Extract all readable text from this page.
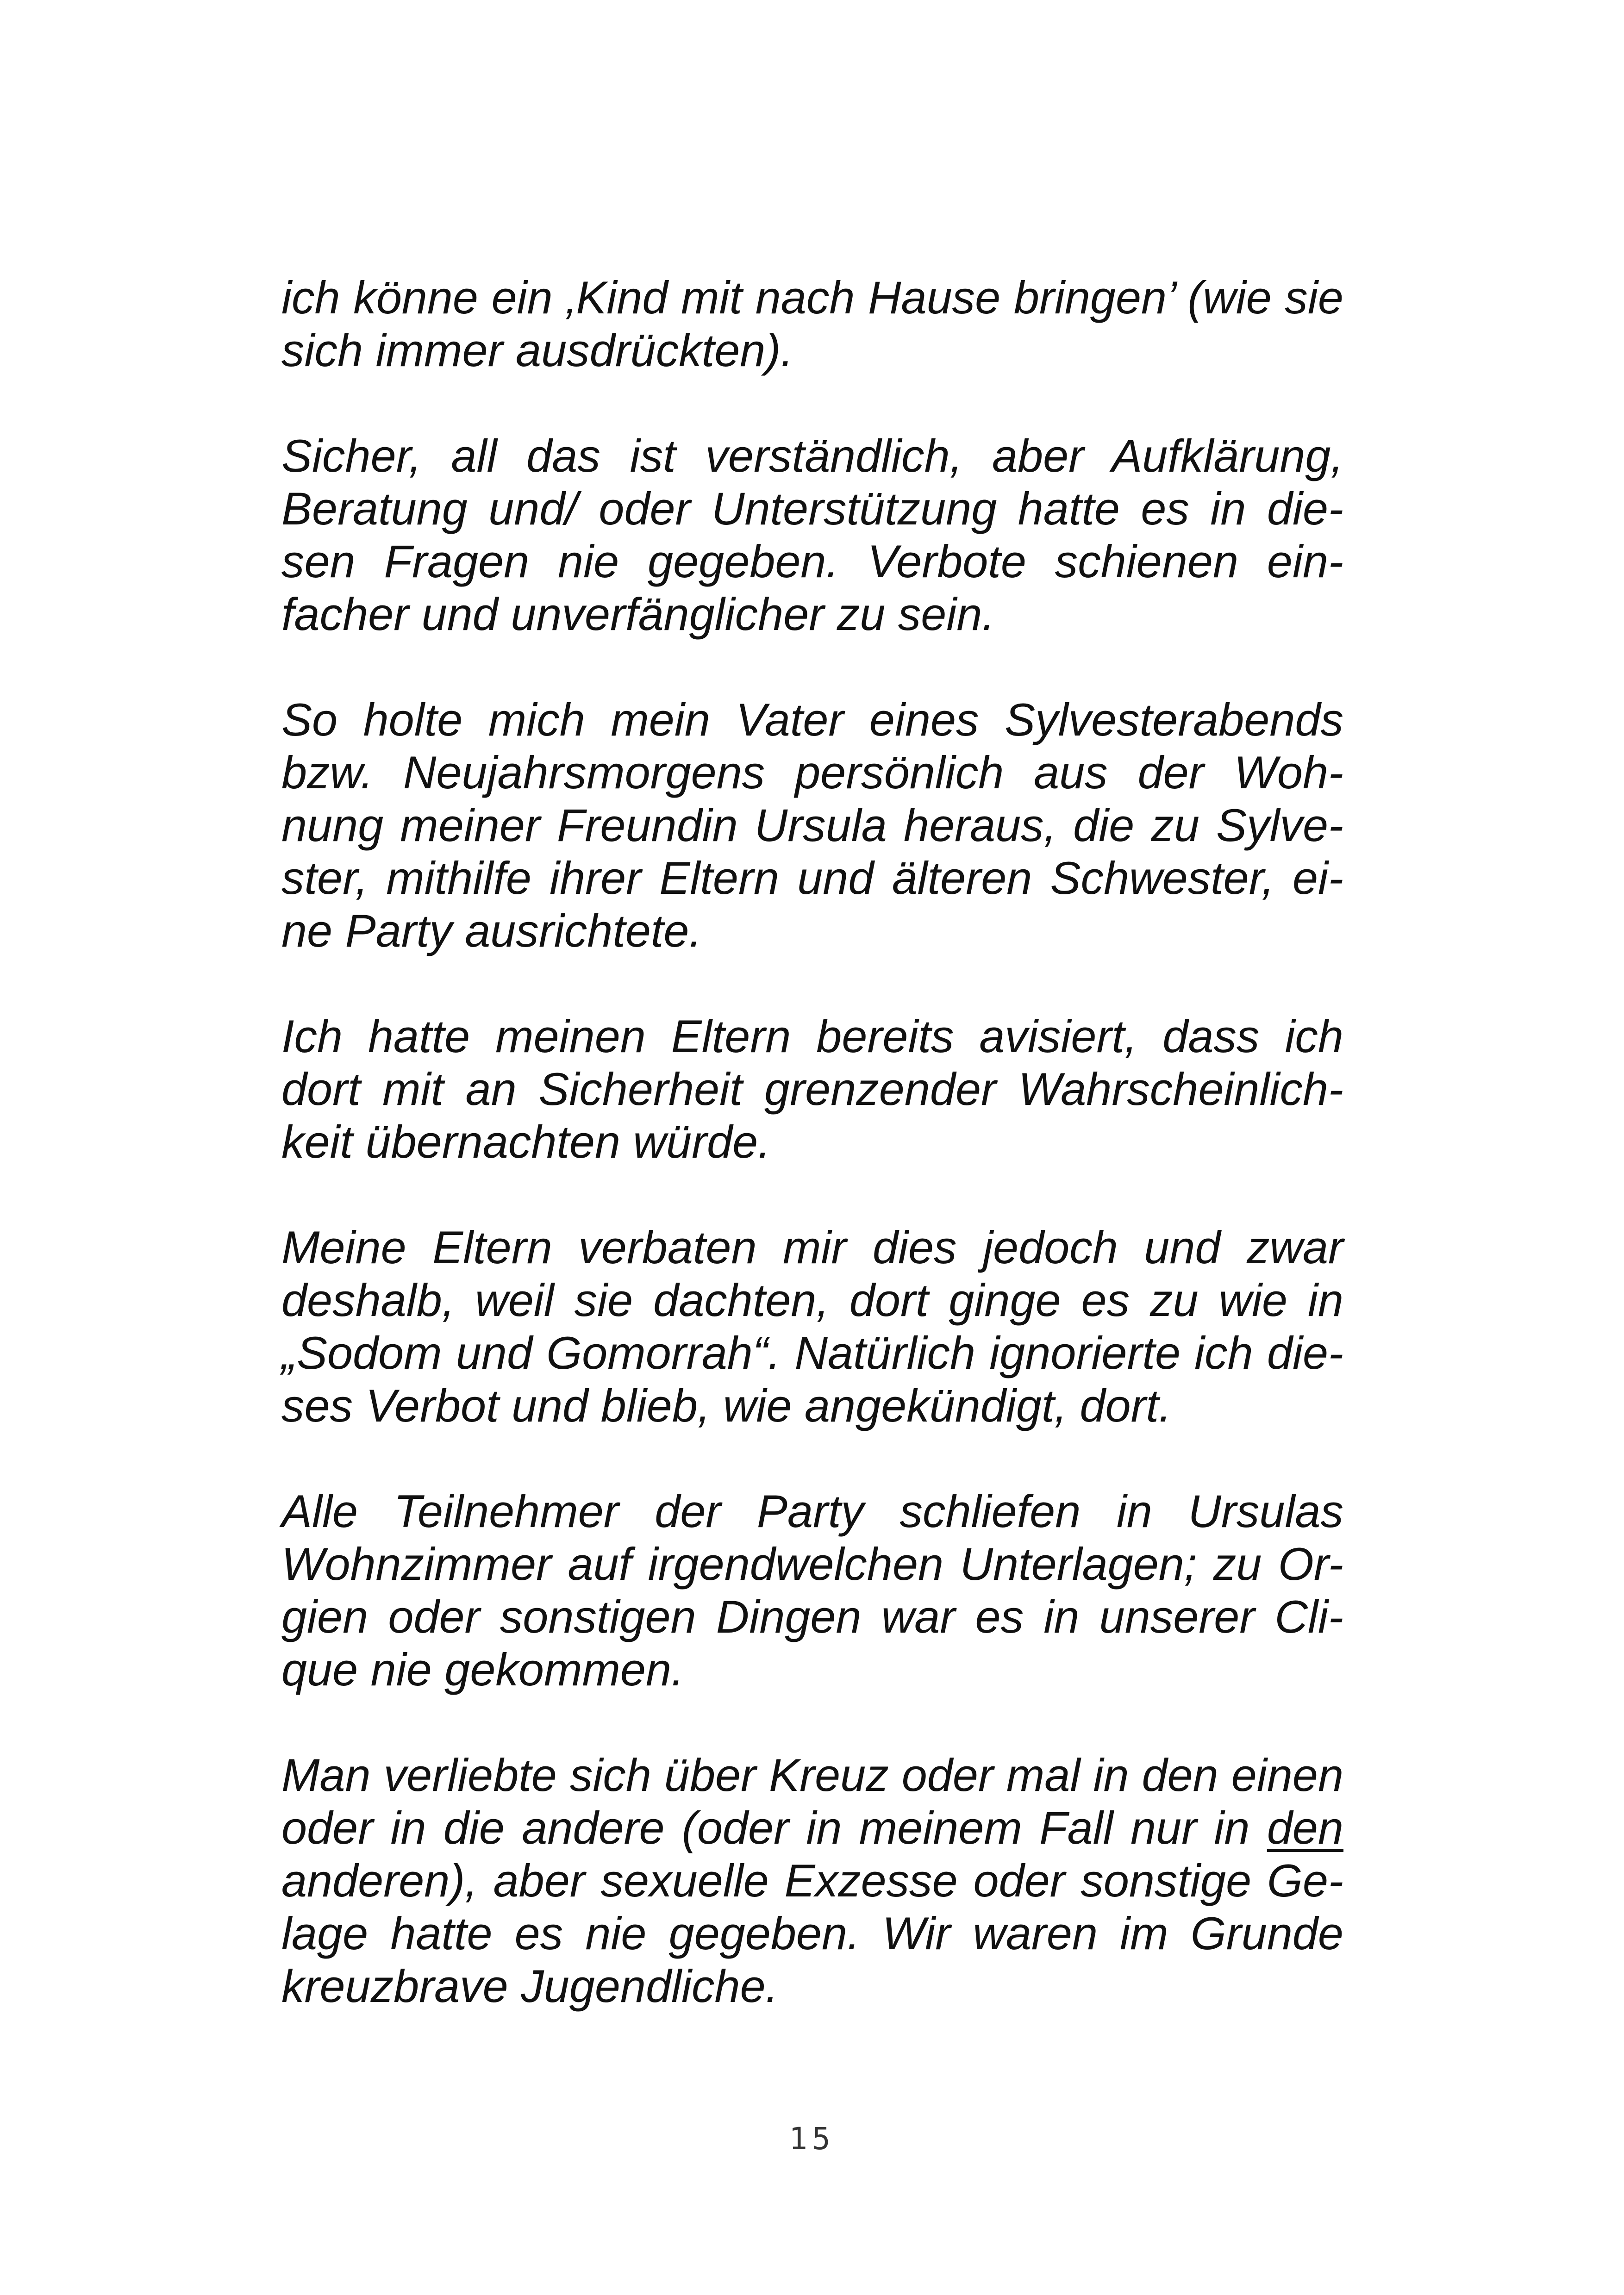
ich könne ein ‚Kind mit nach Hause bringen’ (wie sie
sich immer ausdrückten).

Sicher, all das ist verständlich, aber Aufklärung,
Beratung und/ oder Unterstützung hatte es in die-
sen Fragen nie gegeben. Verbote schienen ein-
facher und unverfänglicher zu sein.

So holte mich mein Vater eines Sylvesterabends
bzw. Neujahrsmorgens persönlich aus der Woh-
nung meiner Freundin Ursula heraus, die zu Sylve-
ster, mithilfe ihrer Eltern und älteren Schwester, ei-
ne Party ausrichtete.

Ich hatte meinen Eltern bereits avisiert, dass ich
dort mit an Sicherheit grenzender Wahrscheinlich-
keit übernachten würde.

Meine Eltern verbaten mir dies jedoch und zwar
deshalb, weil sie dachten, dort ginge es zu wie in
„Sodom und Gomorrah“. Natürlich ignorierte ich die-
ses Verbot und blieb, wie angekündigt, dort.

Alle Teilnehmer der Party schliefen in Ursulas
Wohnzimmer auf irgendwelchen Unterlagen; zu Or-
gien oder sonstigen Dingen war es in unserer Cli-
que nie gekommen.

Man verliebte sich über Kreuz oder mal in den einen
oder in die andere (oder in meinem Fall nur in den
anderen), aber sexuelle Exzesse oder sonstige Ge-
lage hatte es nie gegeben. Wir waren im Grunde
kreuzbrave Jugendliche.

15
